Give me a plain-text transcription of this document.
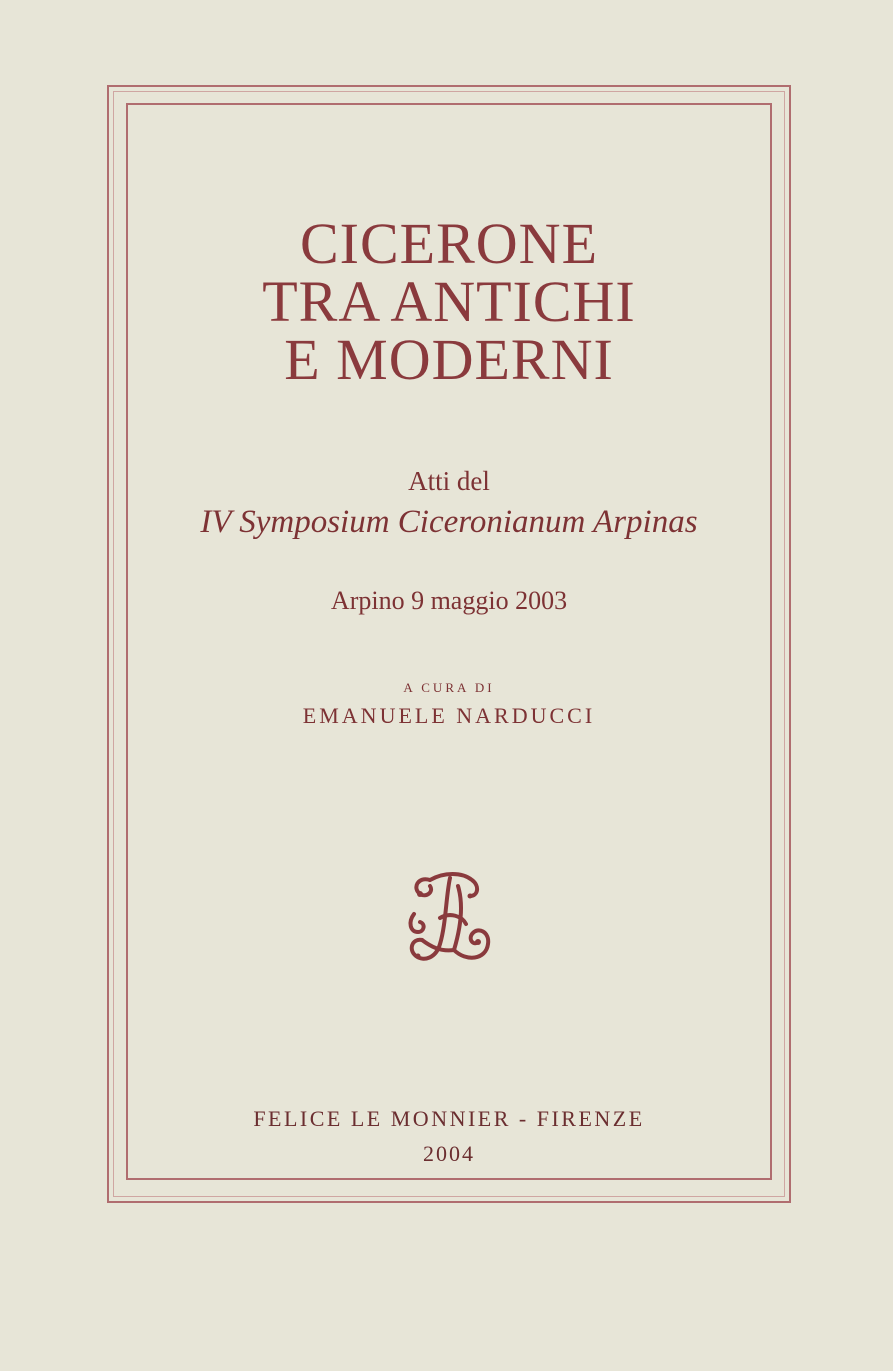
CICERONE
TRA ANTICHI
E MODERNI
Atti del
IV Symposium Ciceronianum Arpinas
Arpino 9 maggio 2003
A CURA DI
EMANUELE NARDUCCI
FELICE LE MONNIER - FIRENZE
2004
